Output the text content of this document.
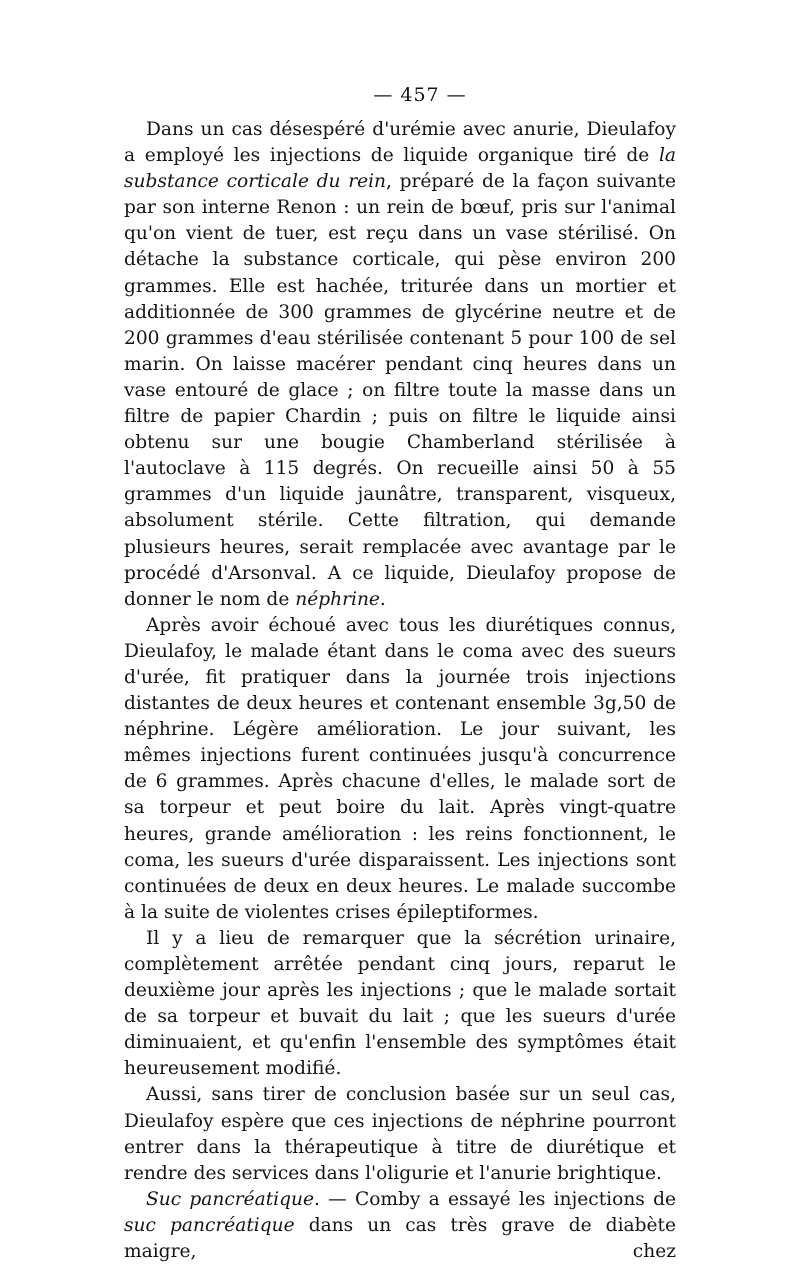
— 457 —

Dans un cas désespéré d'urémie avec anurie, Dieulafoy a employé les injections de liquide organique tiré de la substance corticale du rein, préparé de la façon suivante par son interne Renon : un rein de bœuf, pris sur l'animal qu'on vient de tuer, est reçu dans un vase stérilisé. On détache la substance corticale, qui pèse environ 200 grammes. Elle est hachée, triturée dans un mortier et additionnée de 300 grammes de glycérine neutre et de 200 grammes d'eau stérilisée contenant 5 pour 100 de sel marin. On laisse macérer pendant cinq heures dans un vase entouré de glace ; on filtre toute la masse dans un filtre de papier Chardin ; puis on filtre le liquide ainsi obtenu sur une bougie Chamberland stérilisée à l'autoclave à 115 degrés. On recueille ainsi 50 à 55 grammes d'un liquide jaunâtre, transparent, visqueux, absolument stérile. Cette filtration, qui demande plusieurs heures, serait remplacée avec avantage par le procédé d'Arsonval. A ce liquide, Dieulafoy propose de donner le nom de néphrine.

Après avoir échoué avec tous les diurétiques connus, Dieulafoy, le malade étant dans le coma avec des sueurs d'urée, fit pratiquer dans la journée trois injections distantes de deux heures et contenant ensemble 3g,50 de néphrine. Légère amélioration. Le jour suivant, les mêmes injections furent continuées jusqu'à concurrence de 6 grammes. Après chacune d'elles, le malade sort de sa torpeur et peut boire du lait. Après vingt-quatre heures, grande amélioration : les reins fonctionnent, le coma, les sueurs d'urée disparaissent. Les injections sont continuées de deux en deux heures. Le malade succombe à la suite de violentes crises épileptiformes.

Il y a lieu de remarquer que la sécrétion urinaire, complètement arrêtée pendant cinq jours, reparut le deuxième jour après les injections ; que le malade sortait de sa torpeur et buvait du lait ; que les sueurs d'urée diminuaient, et qu'enfin l'ensemble des symptômes était heureusement modifié.

Aussi, sans tirer de conclusion basée sur un seul cas, Dieulafoy espère que ces injections de néphrine pourront entrer dans la thérapeutique à titre de diurétique et rendre des services dans l'oligurie et l'anurie brightique.

Suc pancréatique. — Comby a essayé les injections de suc pancréatique dans un cas très grave de diabète maigre, chez
